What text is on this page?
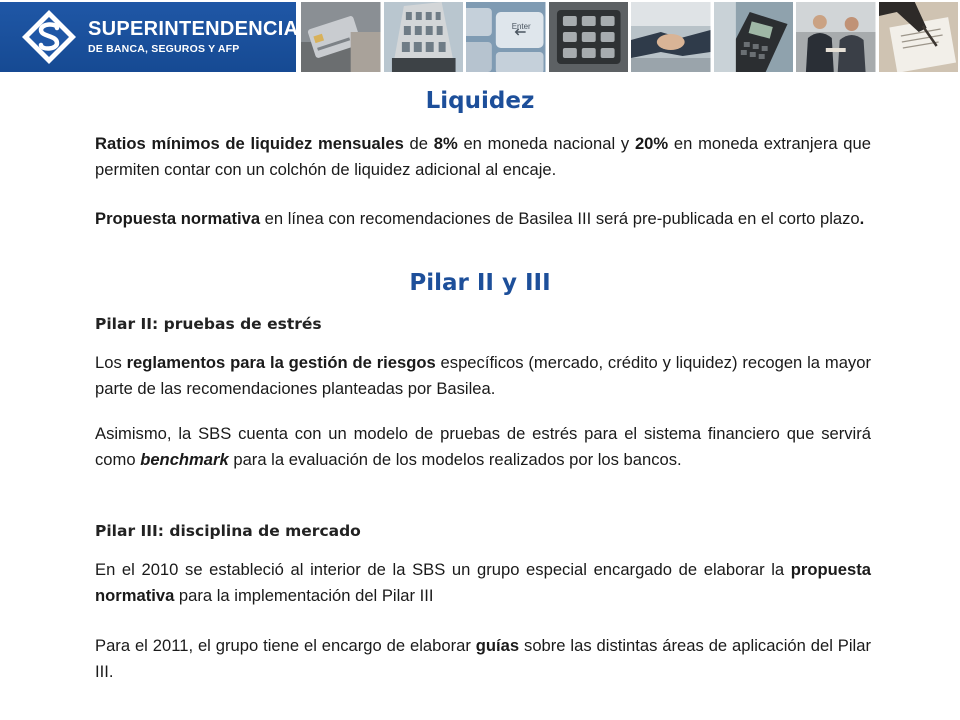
SUPERINTENDENCIA
DE BANCA, SEGUROS Y AFP
Enter
Liquidez
Ratios mínimos de liquidez mensuales de 8% en moneda nacional y 20% en moneda extranjera que permiten contar con un colchón de liquidez adicional al encaje.
Propuesta normativa en línea con recomendaciones de Basilea III será pre-publicada en el corto plazo.
Pilar II y III
Pilar II: pruebas de estrés
Los reglamentos para la gestión de riesgos específicos (mercado, crédito y liquidez) recogen la mayor parte de las recomendaciones planteadas por Basilea.
Asimismo, la SBS cuenta con un modelo de pruebas de estrés para el sistema financiero que servirá como benchmark para la evaluación de los modelos realizados por los bancos.
Pilar III: disciplina de mercado
En el 2010 se estableció al interior de la SBS un grupo especial encargado de elaborar la propuesta normativa para la implementación del Pilar III
Para el 2011, el grupo tiene el encargo de elaborar guías sobre las distintas áreas de aplicación del Pilar III.
